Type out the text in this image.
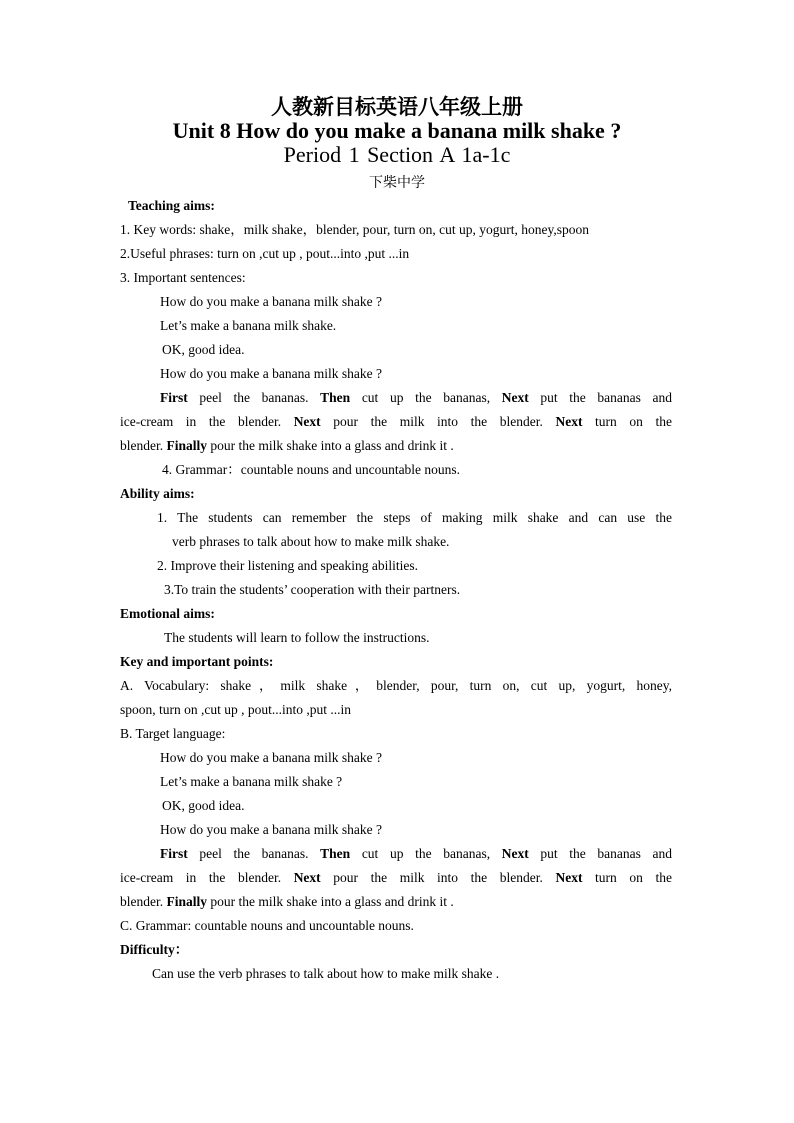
人教新目标英语八年级上册
Unit 8 How do you make a banana milk shake ?
Period 1 Section A 1a-1c
下柴中学
Teaching aims:
1. Key words: shake，milk shake，blender, pour, turn on, cut up, yogurt, honey,spoon
2.Useful phrases: turn on ,cut up , pout...into ,put ...in
3. Important sentences:
How do you make a banana milk shake ?
Let’s make a banana milk shake.
OK, good idea.
How do you make a banana milk shake ?
First peel the bananas. Then cut up the bananas, Next put the bananas and
ice-cream in the blender. Next pour the milk into the blender. Next turn on the
blender. Finally pour the milk shake into a glass and drink it .
4. Grammar：countable nouns and uncountable nouns.
Ability aims:
1. The students can remember the steps of making milk shake and can use the
verb phrases to talk about how to make milk shake.
2. Improve their listening and speaking abilities.
3.To train the students’ cooperation with their partners.
Emotional aims:
The students will learn to follow the instructions.
Key and important points:
A. Vocabulary: shake，milk shake，blender, pour, turn on, cut up, yogurt, honey,
spoon, turn on ,cut up , pout...into ,put ...in
B. Target language:
How do you make a banana milk shake ?
Let’s make a banana milk shake ?
OK, good idea.
How do you make a banana milk shake ?
First peel the bananas. Then cut up the bananas, Next put the bananas and
ice-cream in the blender. Next pour the milk into the blender. Next turn on the
blender. Finally pour the milk shake into a glass and drink it .
C. Grammar: countable nouns and uncountable nouns.
Difficulty：
Can use the verb phrases to talk about how to make milk shake .
